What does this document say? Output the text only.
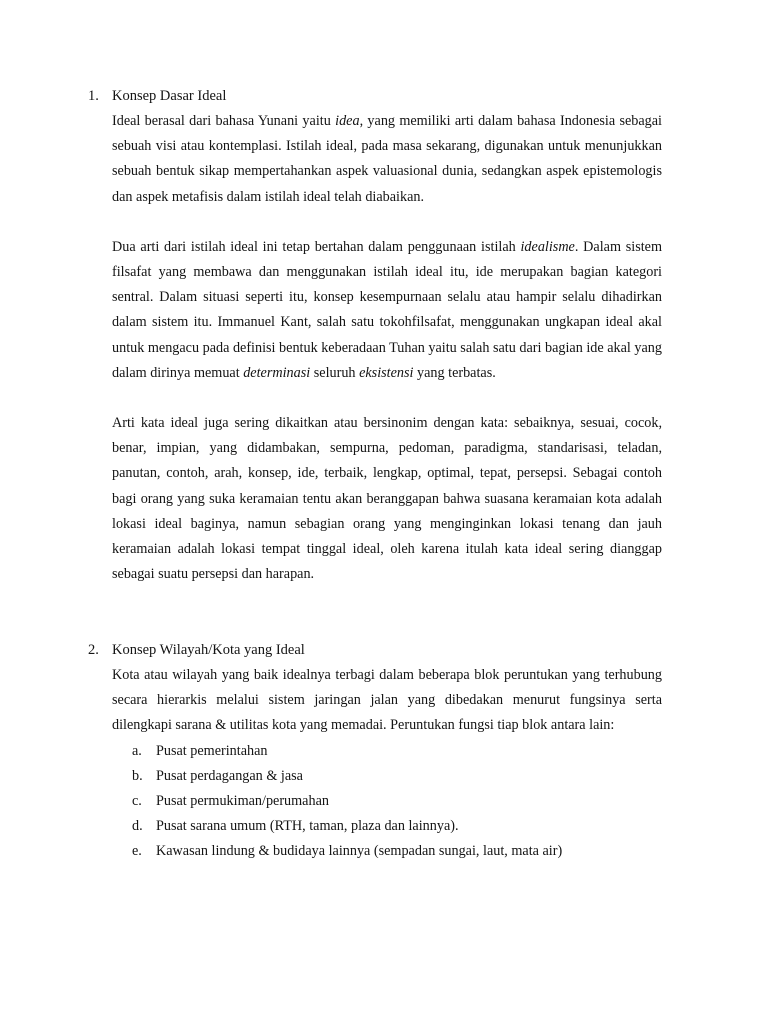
1. Konsep Dasar Ideal

Ideal berasal dari bahasa Yunani yaitu idea, yang memiliki arti dalam bahasa Indonesia sebagai sebuah visi atau kontemplasi. Istilah ideal, pada masa sekarang, digunakan untuk menunjukkan sebuah bentuk sikap mempertahankan aspek valuasional dunia, sedangkan aspek epistemologis dan aspek metafisis dalam istilah ideal telah diabaikan.

Dua arti dari istilah ideal ini tetap bertahan dalam penggunaan istilah idealisme. Dalam sistem filsafat yang membawa dan menggunakan istilah ideal itu, ide merupakan bagian kategori sentral. Dalam situasi seperti itu, konsep kesempurnaan selalu atau hampir selalu dihadirkan dalam sistem itu. Immanuel Kant, salah satu tokohfilsafat, menggunakan ungkapan ideal akal untuk mengacu pada definisi bentuk keberadaan Tuhan yaitu salah satu dari bagian ide akal yang dalam dirinya memuat determinasi seluruh eksistensi yang terbatas.

Arti kata ideal juga sering dikaitkan atau bersinonim dengan kata: sebaiknya, sesuai, cocok, benar, impian, yang didambakan, sempurna, pedoman, paradigma, standarisasi, teladan, panutan, contoh, arah, konsep, ide, terbaik, lengkap, optimal, tepat, persepsi. Sebagai contoh bagi orang yang suka keramaian tentu akan beranggapan bahwa suasana keramaian kota adalah lokasi ideal baginya, namun sebagian orang yang menginginkan lokasi tenang dan jauh keramaian adalah lokasi tempat tinggal ideal, oleh karena itulah kata ideal sering dianggap sebagai suatu persepsi dan harapan.

2. Konsep Wilayah/Kota yang Ideal

Kota atau wilayah yang baik idealnya terbagi dalam beberapa blok peruntukan yang terhubung secara hierarkis melalui sistem jaringan jalan yang dibedakan menurut fungsinya serta dilengkapi sarana & utilitas kota yang memadai. Peruntukan fungsi tiap blok antara lain:

a. Pusat pemerintahan
b. Pusat perdagangan & jasa
c. Pusat permukiman/perumahan
d. Pusat sarana umum (RTH, taman, plaza dan lainnya).
e. Kawasan lindung & budidaya lainnya (sempadan sungai, laut, mata air)
